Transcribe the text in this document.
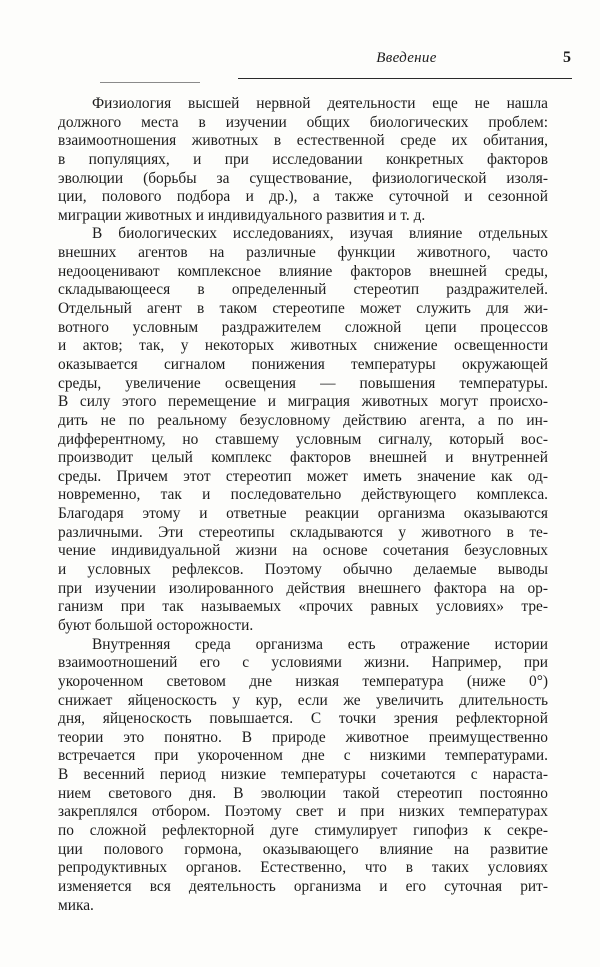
Введение	5
Физиология высшей нервной деятельности еще не нашла
должного места в изучении общих биологических проблем:
взаимоотношения животных в естественной среде их обитания,
в популяциях, и при исследовании конкретных факторов
эволюции (борьбы за существование, физиологической изоля-
ции, полового подбора и др.), а также суточной и сезонной
миграции животных и индивидуального развития и т. д.
В биологических исследованиях, изучая влияние отдельных
внешних агентов на различные функции животного, часто
недооценивают комплексное влияние факторов внешней среды,
складывающееся в определенный стереотип раздражителей.
Отдельный агент в таком стереотипе может служить для жи-
вотного условным раздражителем сложной цепи процессов
и актов; так, у некоторых животных снижение освещенности
оказывается сигналом понижения температуры окружающей
среды, увеличение освещения — повышения температуры.
В силу этого перемещение и миграция животных могут происхо-
дить не по реальному безусловному действию агента, а по ин-
дифферентному, но ставшему условным сигналу, который вос-
производит целый комплекс факторов внешней и внутренней
среды. Причем этот стереотип может иметь значение как од-
новременно, так и последовательно действующего комплекса.
Благодаря этому и ответные реакции организма оказываются
различными. Эти стереотипы складываются у животного в те-
чение индивидуальной жизни на основе сочетания безусловных
и условных рефлексов. Поэтому обычно делаемые выводы
при изучении изолированного действия внешнего фактора на ор-
ганизм при так называемых «прочих равных условиях» тре-
буют большой осторожности.
Внутренняя среда организма есть отражение истории
взаимоотношений его с условиями жизни. Например, при
укороченном световом дне низкая температура (ниже 0°)
снижает яйценоскость у кур, если же увеличить длительность
дня, яйценоскость повышается. С точки зрения рефлекторной
теории это понятно. В природе животное преимущественно
встречается при укороченном дне с низкими температурами.
В весенний период низкие температуры сочетаются с нараста-
нием светового дня. В эволюции такой стереотип постоянно
закреплялся отбором. Поэтому свет и при низких температурах
по сложной рефлекторной дуге стимулирует гипофиз к секре-
ции полового гормона, оказывающего влияние на развитие
репродуктивных органов. Естественно, что в таких условиях
изменяется вся деятельность организма и его суточная рит-
мика.
